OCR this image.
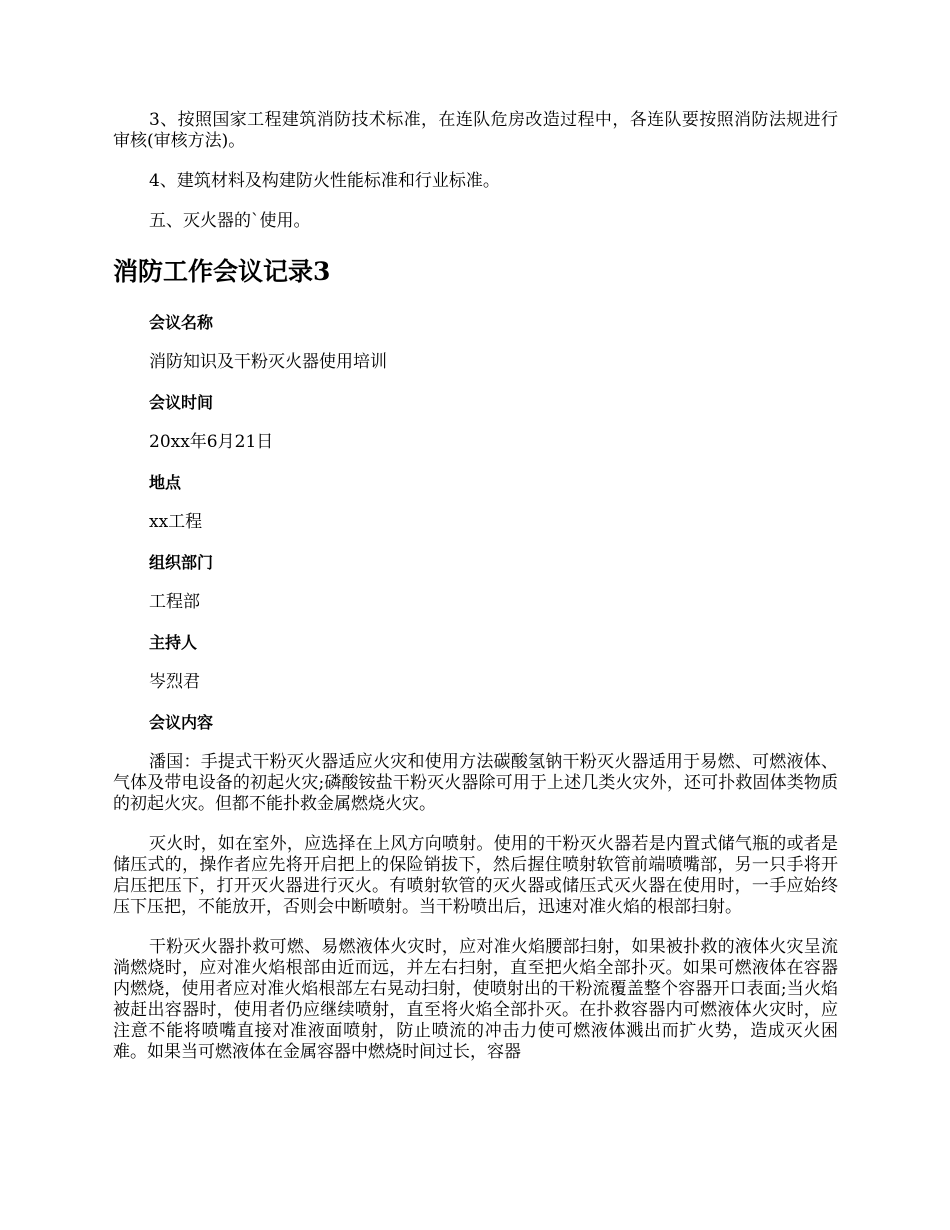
3、按照国家工程建筑消防技术标准，在连队危房改造过程中，各连队要按照消防法规进行审核(审核方法)。

4、建筑材料及构建防火性能标准和行业标准。

五、灭火器的`使用。

消防工作会议记录3
会议名称
消防知识及干粉灭火器使用培训
会议时间
20xx年6月21日
地点
xx工程
组织部门
工程部
主持人
岑烈君
会议内容

潘国：手提式干粉灭火器适应火灾和使用方法碳酸氢钠干粉灭火器适用于易燃、可燃液体、气体及带电设备的初起火灾;磷酸铵盐干粉灭火器除可用于上述几类火灾外，还可扑救固体类物质的初起火灾。但都不能扑救金属燃烧火灾。

灭火时，如在室外，应选择在上风方向喷射。使用的干粉灭火器若是内置式储气瓶的或者是储压式的，操作者应先将开启把上的保险销拔下，然后握住喷射软管前端喷嘴部，另一只手将开启压把压下，打开灭火器进行灭火。有喷射软管的灭火器或储压式灭火器在使用时，一手应始终压下压把，不能放开，否则会中断喷射。当干粉喷出后，迅速对准火焰的根部扫射。

干粉灭火器扑救可燃、易燃液体火灾时，应对准火焰腰部扫射，如果被扑救的液体火灾呈流淌燃烧时，应对准火焰根部由近而远，并左右扫射，直至把火焰全部扑灭。如果可燃液体在容器内燃烧，使用者应对准火焰根部左右晃动扫射，使喷射出的干粉流覆盖整个容器开口表面;当火焰被赶出容器时，使用者仍应继续喷射，直至将火焰全部扑灭。在扑救容器内可燃液体火灾时，应注意不能将喷嘴直接对准液面喷射，防止喷流的冲击力使可燃液体溅出而扩火势，造成灭火困难。如果当可燃液体在金属容器中燃烧时间过长，容器
